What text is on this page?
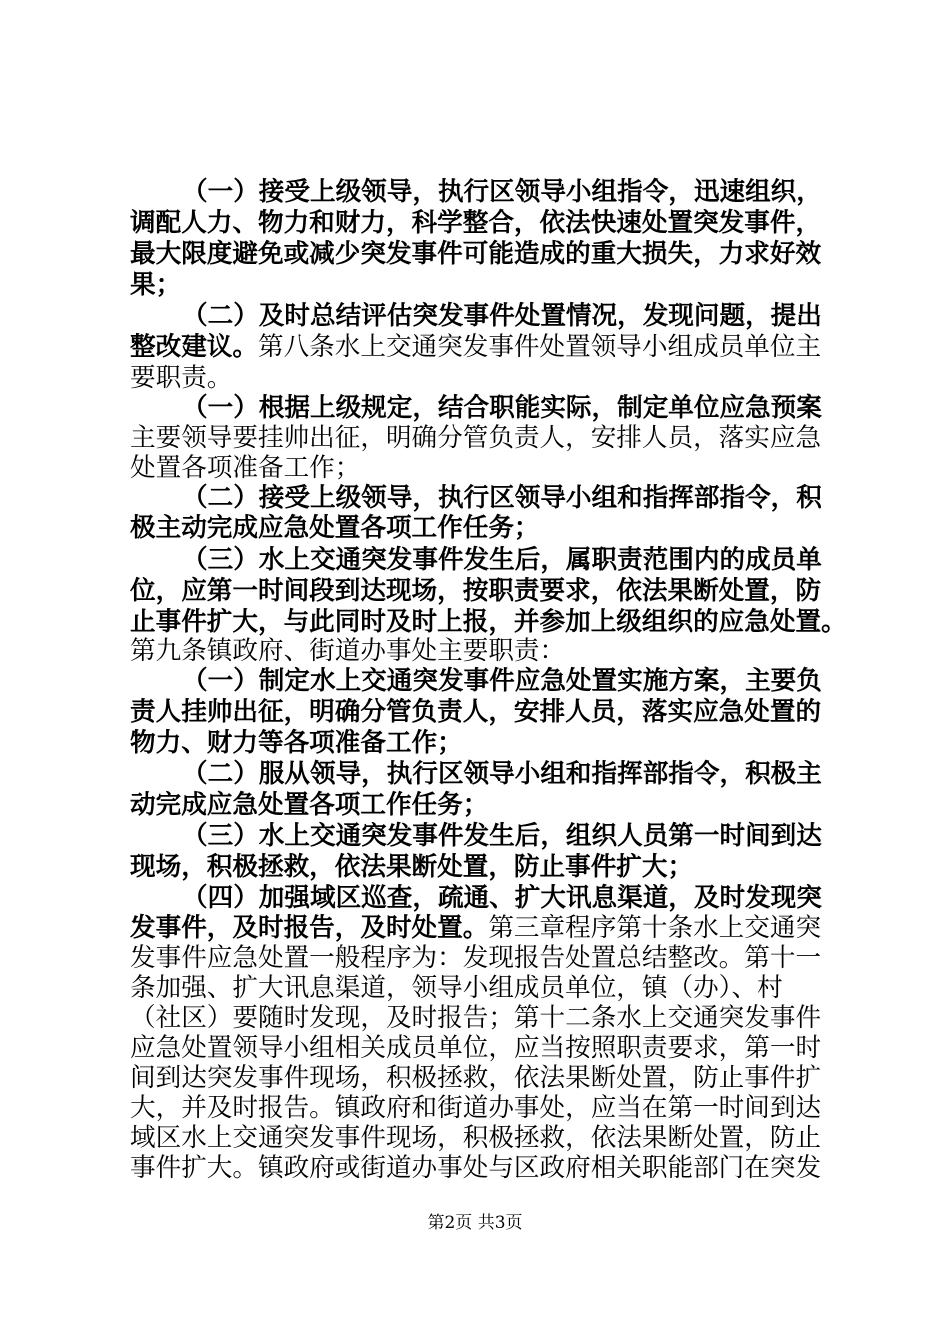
（一）接受上级领导，执行区领导小组指令，迅速组织，
调配人力、物力和财力，科学整合，依法快速处置突发事件，
最大限度避免或减少突发事件可能造成的重大损失，力求好效
果；
（二）及时总结评估突发事件处置情况，发现问题，提出
整改建议。第八条水上交通突发事件处置领导小组成员单位主
要职责。
（一）根据上级规定，结合职能实际，制定单位应急预案
主要领导要挂帅出征，明确分管负责人，安排人员，落实应急
处置各项准备工作；
（二）接受上级领导，执行区领导小组和指挥部指令，积
极主动完成应急处置各项工作任务；
（三）水上交通突发事件发生后，属职责范围内的成员单
位，应第一时间段到达现场，按职责要求，依法果断处置，防
止事件扩大，与此同时及时上报，并参加上级组织的应急处置。
第九条镇政府、街道办事处主要职责：
（一）制定水上交通突发事件应急处置实施方案，主要负
责人挂帅出征，明确分管负责人，安排人员，落实应急处置的
物力、财力等各项准备工作；
（二）服从领导，执行区领导小组和指挥部指令，积极主
动完成应急处置各项工作任务；
（三）水上交通突发事件发生后，组织人员第一时间到达
现场，积极拯救，依法果断处置，防止事件扩大；
（四）加强域区巡查，疏通、扩大讯息渠道，及时发现突
发事件，及时报告，及时处置。第三章程序第十条水上交通突
发事件应急处置一般程序为：发现报告处置总结整改。第十一
条加强、扩大讯息渠道，领导小组成员单位，镇（办）、村
（社区）要随时发现，及时报告；第十二条水上交通突发事件
应急处置领导小组相关成员单位，应当按照职责要求，第一时
间到达突发事件现场，积极拯救，依法果断处置，防止事件扩
大，并及时报告。镇政府和街道办事处，应当在第一时间到达
域区水上交通突发事件现场，积极拯救，依法果断处置，防止
事件扩大。镇政府或街道办事处与区政府相关职能部门在突发
第2页 共3页
